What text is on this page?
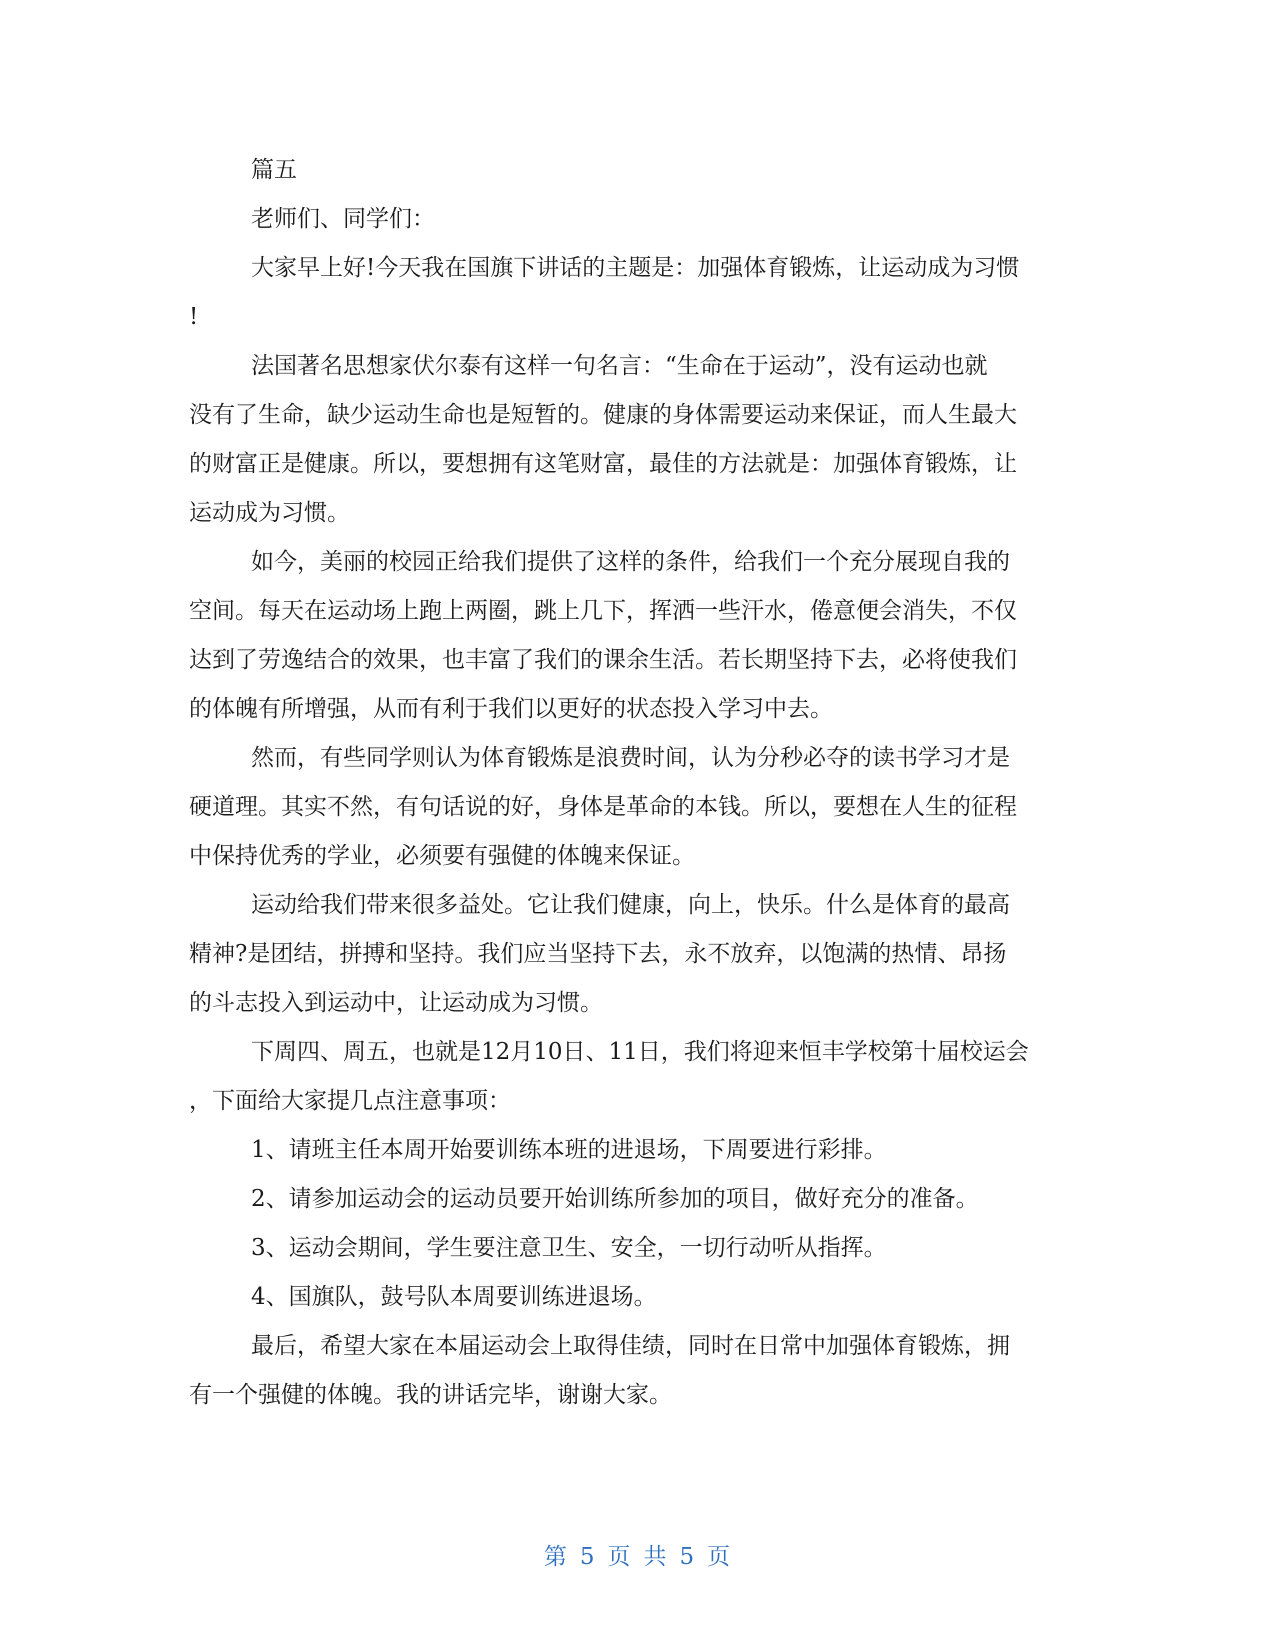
篇五

老师们、同学们：

大家早上好!今天我在国旗下讲话的主题是：加强体育锻炼，让运动成为习惯

!

法国著名思想家伏尔泰有这样一句名言：“生命在于运动”，没有运动也就

没有了生命，缺少运动生命也是短暂的。健康的身体需要运动来保证，而人生最大

的财富正是健康。所以，要想拥有这笔财富，最佳的方法就是：加强体育锻炼，让

运动成为习惯。

如今，美丽的校园正给我们提供了这样的条件，给我们一个充分展现自我的

空间。每天在运动场上跑上两圈，跳上几下，挥洒一些汗水，倦意便会消失，不仅

达到了劳逸结合的效果，也丰富了我们的课余生活。若长期坚持下去，必将使我们

的体魄有所增强，从而有利于我们以更好的状态投入学习中去。

然而，有些同学则认为体育锻炼是浪费时间，认为分秒必夺的读书学习才是

硬道理。其实不然，有句话说的好，身体是革命的本钱。所以，要想在人生的征程

中保持优秀的学业，必须要有强健的体魄来保证。

运动给我们带来很多益处。它让我们健康，向上，快乐。什么是体育的最高

精神?是团结，拼搏和坚持。我们应当坚持下去，永不放弃，以饱满的热情、昂扬

的斗志投入到运动中，让运动成为习惯。

下周四、周五，也就是12月10日、11日，我们将迎来恒丰学校第十届校运会

，下面给大家提几点注意事项：

1、请班主任本周开始要训练本班的进退场，下周要进行彩排。

2、请参加运动会的运动员要开始训练所参加的项目，做好充分的准备。

3、运动会期间，学生要注意卫生、安全，一切行动听从指挥。

4、国旗队，鼓号队本周要训练进退场。

最后，希望大家在本届运动会上取得佳绩，同时在日常中加强体育锻炼，拥

有一个强健的体魄。我的讲话完毕，谢谢大家。

第 5 页 共 5 页
